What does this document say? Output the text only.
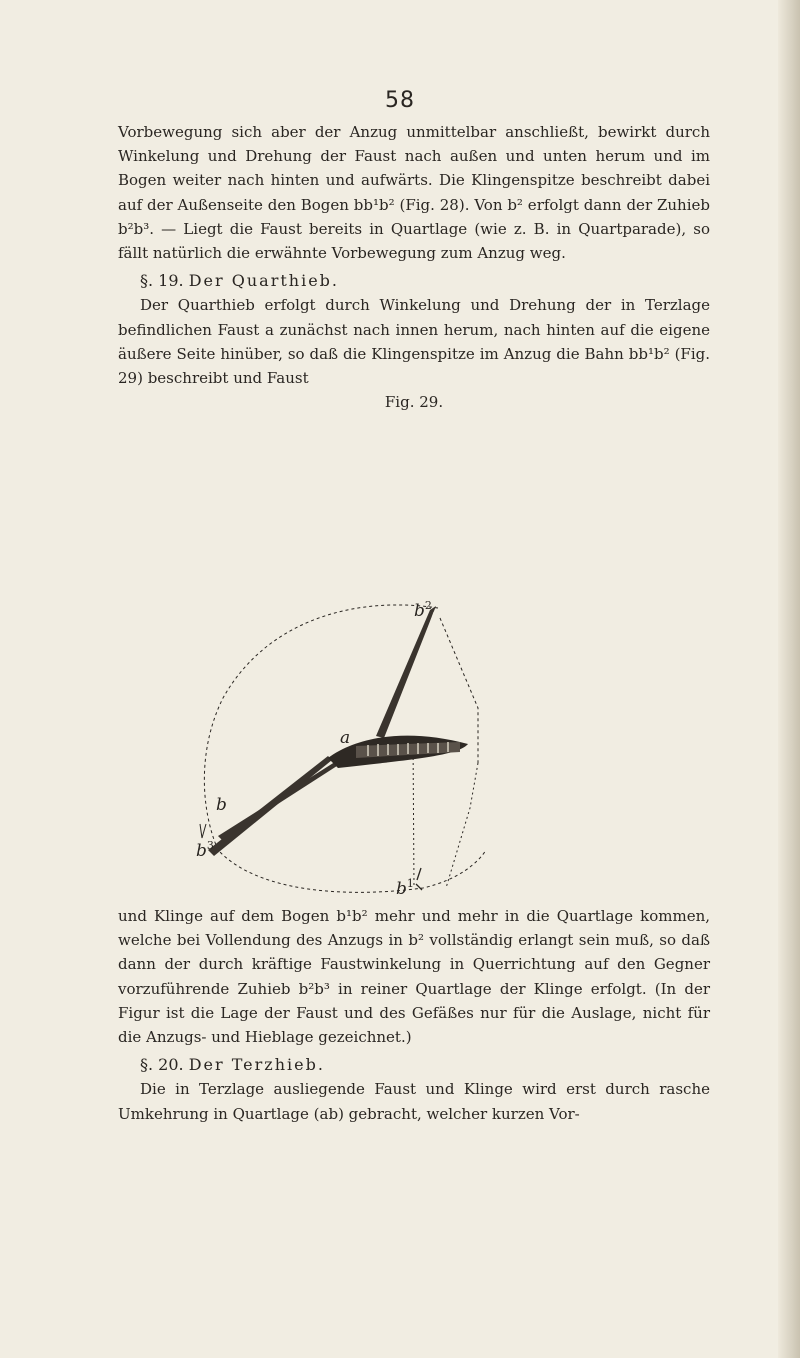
58

Vorbewegung sich aber der Anzug unmittelbar anschließt, bewirkt durch Winkelung und Drehung der Faust nach außen und unten herum und im Bogen weiter nach hinten und aufwärts. Die Klingenspitze beschreibt dabei auf der Außenseite den Bogen bb¹b² (Fig. 28). Von b² erfolgt dann der Zuhieb b²b³. — Liegt die Faust bereits in Quartlage (wie z. B. in Quartparade), so fällt natürlich die erwähnte Vorbewegung zum Anzug weg.

§. 19. Der Quarthieb.

Der Quarthieb erfolgt durch Winkelung und Drehung der in Terzlage befindlichen Faust a zunächst nach innen herum, nach hinten auf die eigene äußere Seite hinüber, so daß die Klingenspitze im Anzug die Bahn bb¹b² (Fig. 29) beschreibt und Faust

Fig. 29.

$b^2$
a
b
$b^3$
$b^1$

und Klinge auf dem Bogen b¹b² mehr und mehr in die Quartlage kommen, welche bei Vollendung des Anzugs in b² vollständig erlangt sein muß, so daß dann der durch kräftige Faustwinkelung in Querrichtung auf den Gegner vorzuführende Zuhieb b²b³ in reiner Quartlage der Klinge erfolgt. (In der Figur ist die Lage der Faust und des Gefäßes nur für die Auslage, nicht für die Anzugs- und Hieblage gezeichnet.)

§. 20. Der Terzhieb.

Die in Terzlage ausliegende Faust und Klinge wird erst durch rasche Umkehrung in Quartlage (ab) gebracht, welcher kurzen Vor-
